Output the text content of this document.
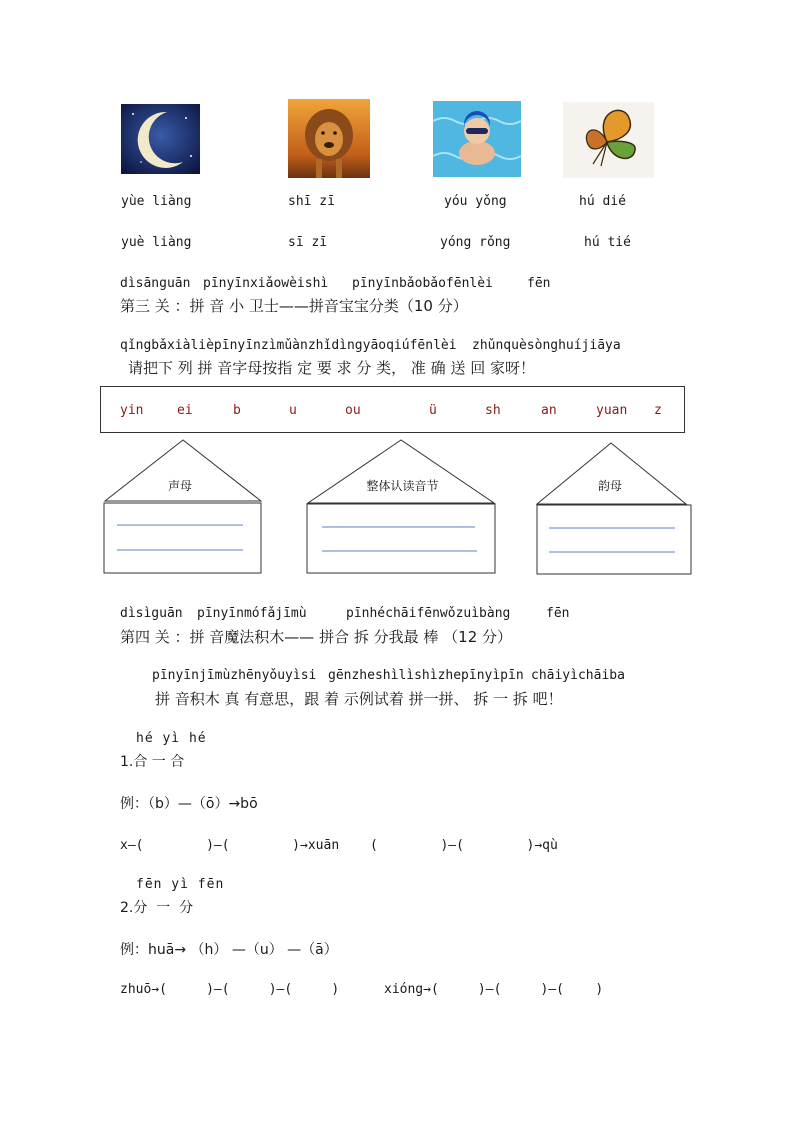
yùe liàng	shī zī	yóu yǒng	hú dié
yuè liàng	sī zī	yóng rǒng	hú tié
dìsānguān pīnyīnxiǎowèishì pīnyīnbǎobǎofēnlèi	fēn
第三 关 ：拼 音 小 卫士——拼音宝宝分类（10 分）
qǐngbǎxiàlièpīnyīnzìmǔànzhǐdìngyāoqiúfēnlèi zhǔnquèsònghuíjiāya
请把下 列 拼 音字母按指 定 要 求 分 类， 准 确 送 回 家呀！
yin	ei	b	u	ou	ü	sh	an	yuan z
声母	整体认读音节	韵母
dìsìguān pīnyīnmófǎjīmù	pīnhéchāifēnwǒzuìbàng	fēn
第四 关 ：拼 音魔法积木—— 拼合 拆 分我最 棒 （12 分）
pīnyīnjīmùzhēnyǒuyìsi gēnzheshìlìshìzhepīnyìpīn chāiyìchāiba
拼 音积木 真 有意思，跟 着 示例试着 拼一拼、 拆 一 拆 吧！
hé yì hé
1.合 一 合
例：（b）—（ō）→bō
x—(        )—(        )→xuān (        )—(        )→qù
fēn yì fēn
2.分  一  分
例：huā→ （h） —（u） —（ā）
zhuō→(     )—(     )—(     )	xióng→(     )—(     )—(    )
